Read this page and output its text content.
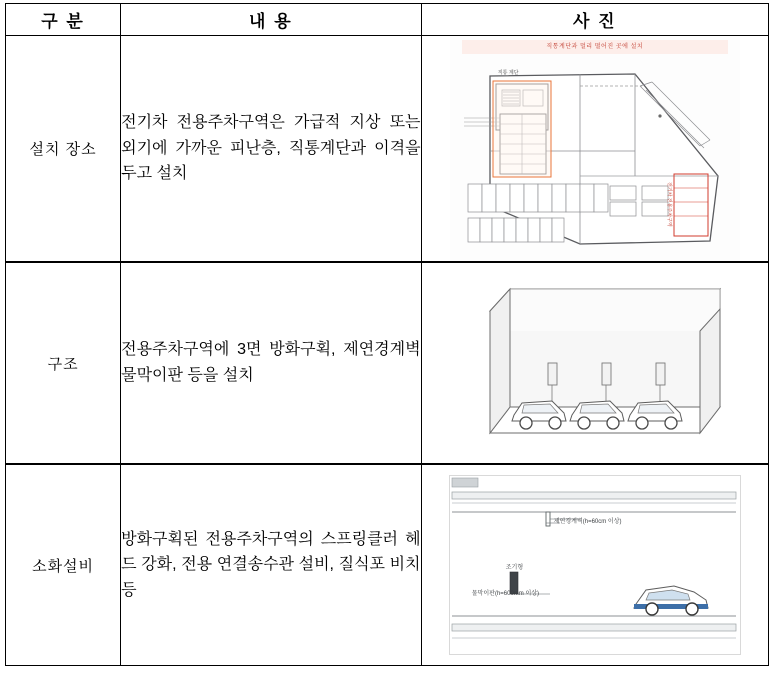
구 분	내 용	사 진
설치 장소	전기차 전용주차구역은 가급적 지상 또는 외기에 가까운 피난층, 직통계단과 이격을 두고 설치	직통계단과 멀리 떨어진 곳에 설치
직통 계단
전기차 전용주차구역

구조	전용주차구역에 3면 방화구획, 제연경계벽 물막이판 등을 설치

소화설비	방화구획된 전용주차구역의 스프링클러 헤드 강화, 전용 연결송수관 설비, 질식포 비치 등	제연경계벽(h=60cm 이상)
조기형
물막이판(h=600mm 이상)
